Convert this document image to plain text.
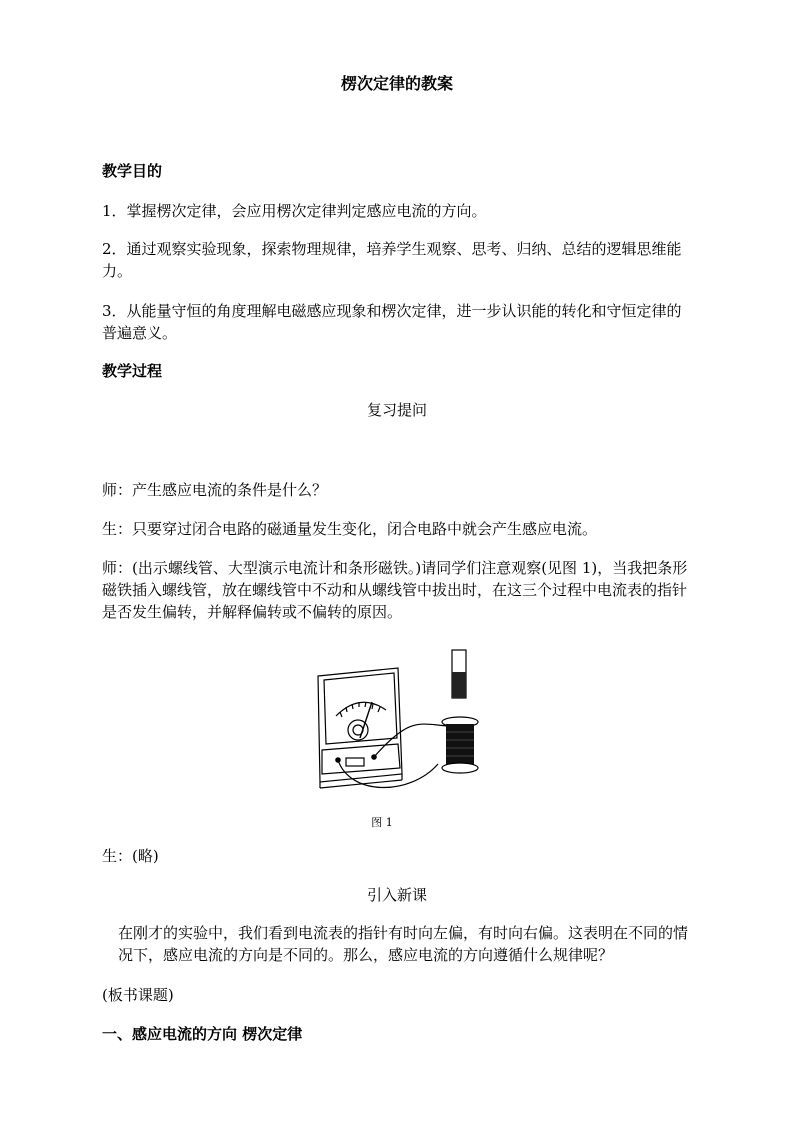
楞次定律的教案

教学目的

1．掌握楞次定律，会应用楞次定律判定感应电流的方向。

2．通过观察实验现象，探索物理规律，培养学生观察、思考、归纳、总结的逻辑思维能力。

3．从能量守恒的角度理解电磁感应现象和楞次定律，进一步认识能的转化和守恒定律的普遍意义。

教学过程

复习提问

师：产生感应电流的条件是什么？

生：只要穿过闭合电路的磁通量发生变化，闭合电路中就会产生感应电流。

师：(出示螺线管、大型演示电流计和条形磁铁。)请同学们注意观察(见图 1)，当我把条形磁铁插入螺线管，放在螺线管中不动和从螺线管中拔出时，在这三个过程中电流表的指针是否发生偏转，并解释偏转或不偏转的原因。

图 1

生：(略)

引入新课

在刚才的实验中，我们看到电流表的指针有时向左偏，有时向右偏。这表明在不同的情况下，感应电流的方向是不同的。那么，感应电流的方向遵循什么规律呢？

(板书课题)

一、感应电流的方向 楞次定律
